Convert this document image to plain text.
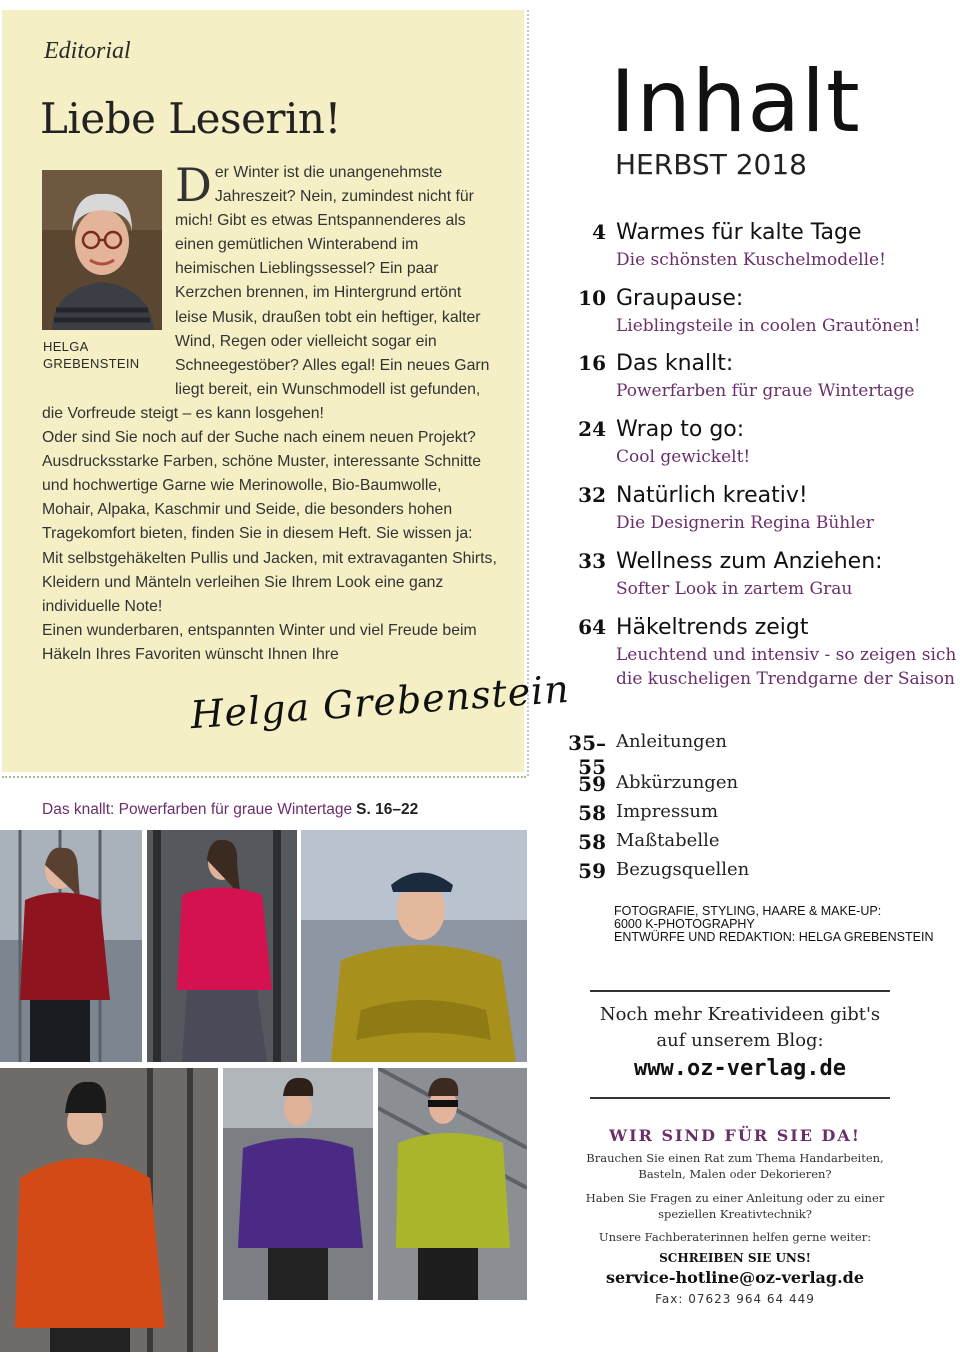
Editorial
Liebe Leserin!
HELGA
GREBENSTEIN
Der Winter ist die unangenehmste Jahreszeit? Nein, zumindest nicht für mich! Gibt es etwas Entspannenderes als einen gemütlichen Winterabend im heimischen Lieblingssessel? Ein paar Kerzchen brennen, im Hintergrund ertönt leise Musik, draußen tobt ein heftiger, kalter Wind, Regen oder vielleicht sogar ein Schneegestöber? Alles egal! Ein neues Garn liegt bereit, ein Wunschmodell ist gefunden, die Vorfreude steigt – es kann losgehen!
Oder sind Sie noch auf der Suche nach einem neuen Projekt? Ausdrucksstarke Farben, schöne Muster, interessante Schnitte und hochwertige Garne wie Merinowolle, Bio-Baumwolle, Mohair, Alpaka, Kaschmir und Seide, die besonders hohen Tragekomfort bieten, finden Sie in diesem Heft. Sie wissen ja: Mit selbstgehäkelten Pullis und Jacken, mit extravaganten Shirts, Kleidern und Mänteln verleihen Sie Ihrem Look eine ganz individuelle Note!
Einen wunderbaren, entspannten Winter und viel Freude beim Häkeln Ihres Favoriten wünscht Ihnen Ihre
Helga Grebenstein
Das knallt: Powerfarben für graue Wintertage S. 16–22
Inhalt
HERBST 2018
4 Warmes für kalte Tage
Die schönsten Kuschelmodelle!
10 Graupause:
Lieblingsteile in coolen Grautönen!
16 Das knallt:
Powerfarben für graue Wintertage
24 Wrap to go:
Cool gewickelt!
32 Natürlich kreativ!
Die Designerin Regina Bühler
33 Wellness zum Anziehen:
Softer Look in zartem Grau
64 Häkeltrends zeigt
Leuchtend und intensiv - so zeigen sich
die kuscheligen Trendgarne der Saison
35–55
Anleitungen
59 Abkürzungen
58 Impressum
58 Maßtabelle
59 Bezugsquellen
FOTOGRAFIE, STYLING, HAARE & MAKE-UP:
6000 K-PHOTOGRAPHY
ENTWÜRFE UND REDAKTION: HELGA GREBENSTEIN
Noch mehr Kreativideen gibt's
auf unserem Blog:
www.oz-verlag.de
WIR SIND FÜR SIE DA!
Brauchen Sie einen Rat zum Thema Handarbeiten, Basteln, Malen oder Dekorieren?
Haben Sie Fragen zu einer Anleitung oder zu einer speziellen Kreativtechnik?
Unsere Fachberaterinnen helfen gerne weiter:
SCHREIBEN SIE UNS!
service-hotline@oz-verlag.de
Fax: 07623 964 64 449
